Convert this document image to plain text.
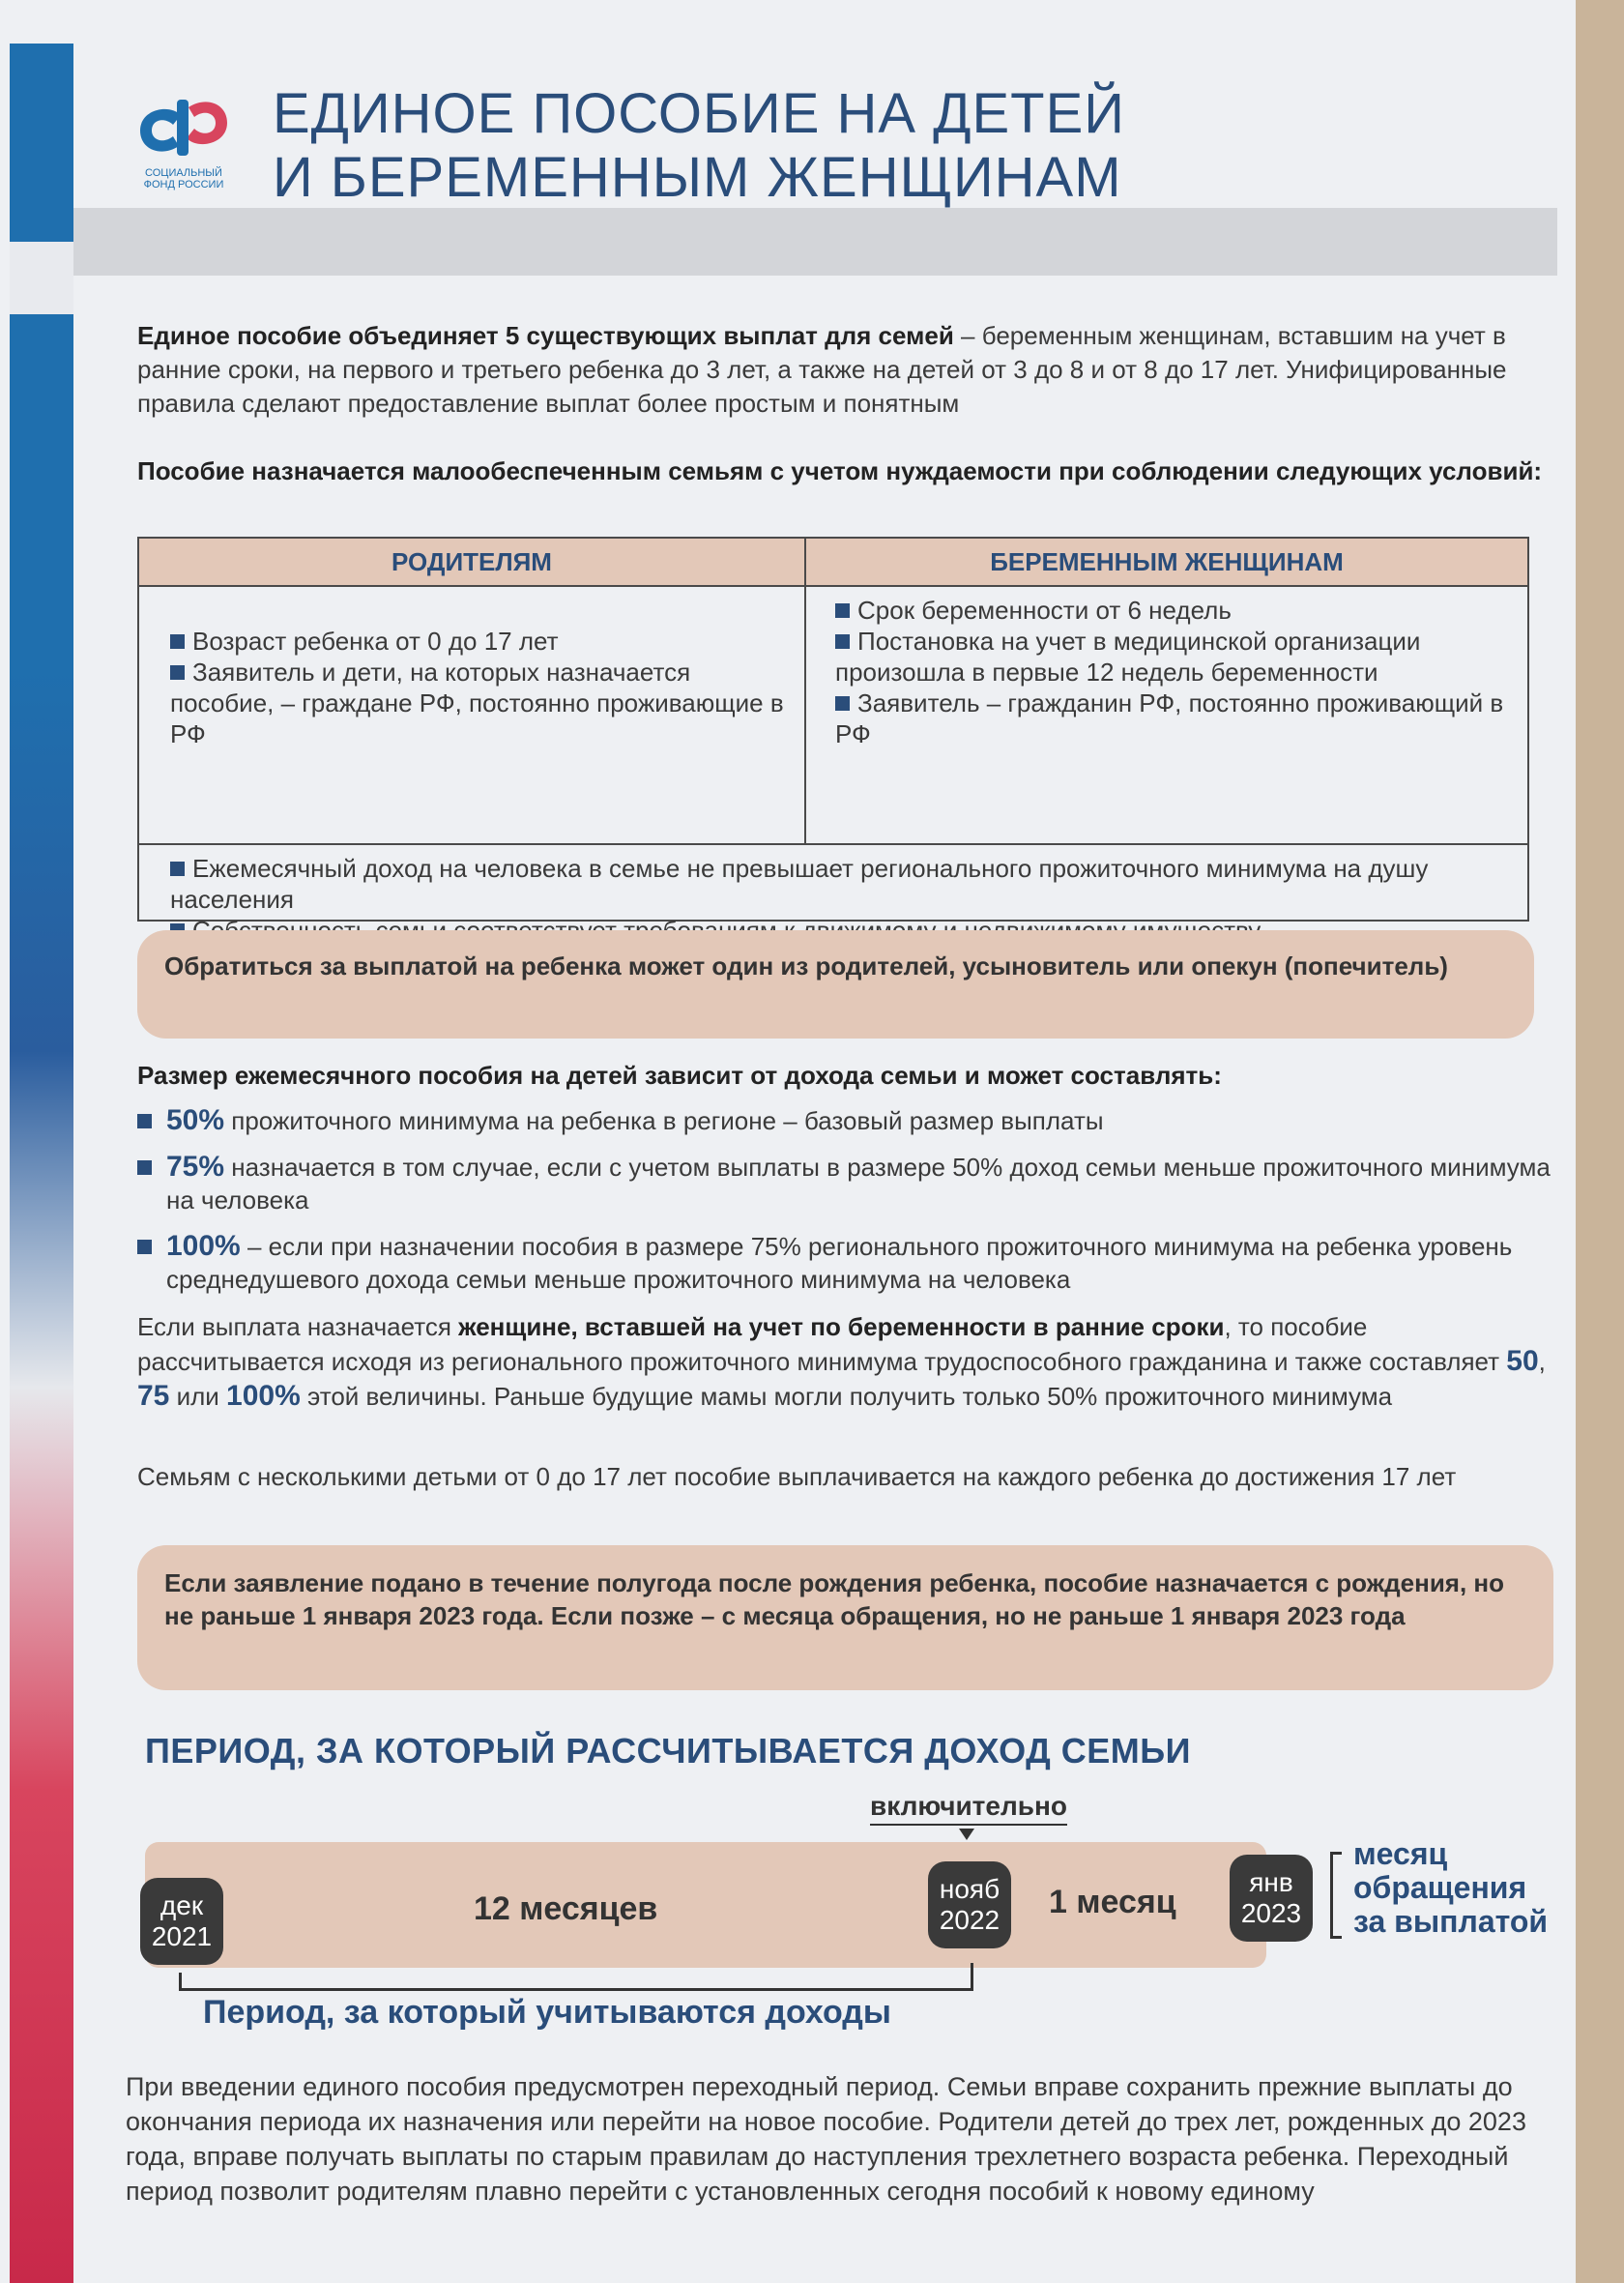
СОЦИАЛЬНЫЙ ФОНД РОССИИ
ЕДИНОЕ ПОСОБИЕ НА ДЕТЕЙ
И БЕРЕМЕННЫМ ЖЕНЩИНАМ

Единое пособие объединяет 5 существующих выплат для семей – беременным женщинам, вставшим на учет в ранние сроки, на первого и третьего ребенка до 3 лет, а также на детей от 3 до 8 и от 8 до 17 лет. Унифицированные правила сделают предоставление выплат более простым и понятным

Пособие назначается малообеспеченным семьям с учетом нуждаемости при соблюдении следующих условий:

РОДИТЕЛЯМ	БЕРЕМЕННЫМ ЖЕНЩИНАМ
Возраст ребенка от 0 до 17 лет
Заявитель и дети, на которых назначается пособие, – граждане РФ, постоянно проживающие в РФ
Срок беременности от 6 недель
Постановка на учет в медицинской организации произошла в первые 12 недель беременности
Заявитель – гражданин РФ, постоянно проживающий в РФ
Ежемесячный доход на человека в семье не превышает регионального прожиточного минимума на душу населения
Обратиться за выплатой на ребенка может один из родителей, усыновитель или опекун (попечитель)

Размер ежемесячного пособия на детей зависит от дохода семьи и может составлять:

50% прожиточного минимума на ребенка в регионе – базовый размер выплаты
75% назначается в том случае, если с учетом выплаты в размере 50% доход семьи меньше прожиточного минимума на человека
100% – если при назначении пособия в размере 75% регионального прожиточного минимума на ребенка уровень среднедушевого дохода семьи меньше прожиточного минимума на человека

Если выплата назначается женщине, вставшей на учет по беременности в ранние сроки, то пособие рассчитывается исходя из регионального прожиточного минимума трудоспособного гражданина и также составляет 50, 75 или 100% этой величины. Раньше будущие мамы могли получить только 50% прожиточного минимума

Семьям с несколькими детьми от 0 до 17 лет пособие выплачивается на каждого ребенка до достижения 17 лет

Если заявление подано в течение полугода после рождения ребенка, пособие назначается с рождения, но не раньше 1 января 2023 года. Если позже – с месяца обращения, но не раньше 1 января 2023 года
ПЕРИОД, ЗА КОТОРЫЙ РАССЧИТЫВАЕТСЯ ДОХОД СЕМЬИ
включительно
дек
2021
12 месяцев
нояб
2022	1 месяц
янв
2023
месяц
обращения
за выплатой
Период, за который учитываются доходы

При введении единого пособия предусмотрен переходный период. Семьи вправе сохранить прежние выплаты до окончания периода их назначения или перейти на новое пособие. Родители детей до трех лет, рожденных до 2023 года, вправе получать выплаты по старым правилам до наступления трехлетнего возраста ребенка. Переходный период позволит родителям плавно перейти с установленных сегодня пособий к новому единому
